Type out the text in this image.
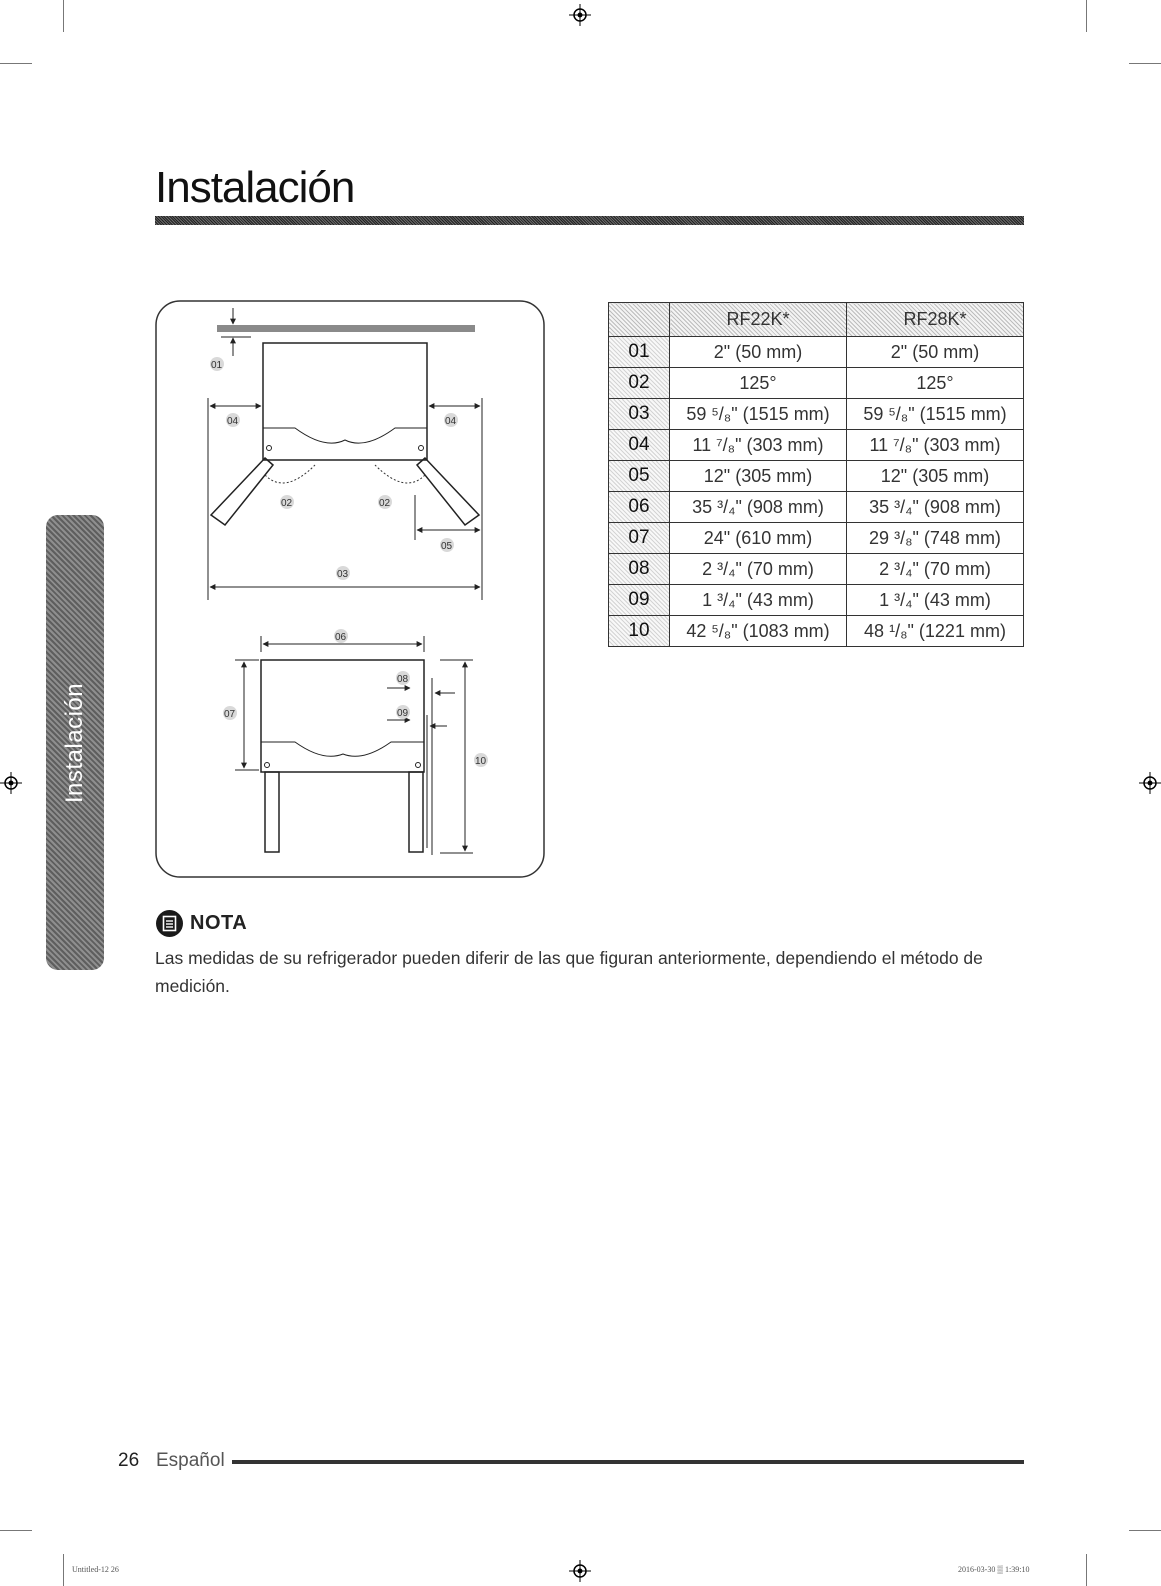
Instalación
Instalación
01
04	04
02	02
05
03
06
07
08
09
10
	RF22K*	RF28K*
01	2" (50 mm)	2" (50 mm)
02	125°	125°
03	59 ⁵/₈" (1515 mm)	59 ⁵/₈" (1515 mm)
04	11 ⁷/₈" (303 mm)	11 ⁷/₈" (303 mm)
05	12" (305 mm)	12" (305 mm)
06	35 ³/₄" (908 mm)	35 ³/₄" (908 mm)
07	24" (610 mm)	29 ³/₈" (748 mm)
08	2 ³/₄" (70 mm)	2 ³/₄" (70 mm)
09	1 ³/₄" (43 mm)	1 ³/₄" (43 mm)
10	42 ⁵/₈" (1083 mm)	48 ¹/₈" (1221 mm)
NOTA

Las medidas de su refrigerador pueden diferir de las que figuran anteriormente, dependiendo el método de medición.

26 Español
Untitled-12 26	2016-03-30 ▒ 1:39:10
